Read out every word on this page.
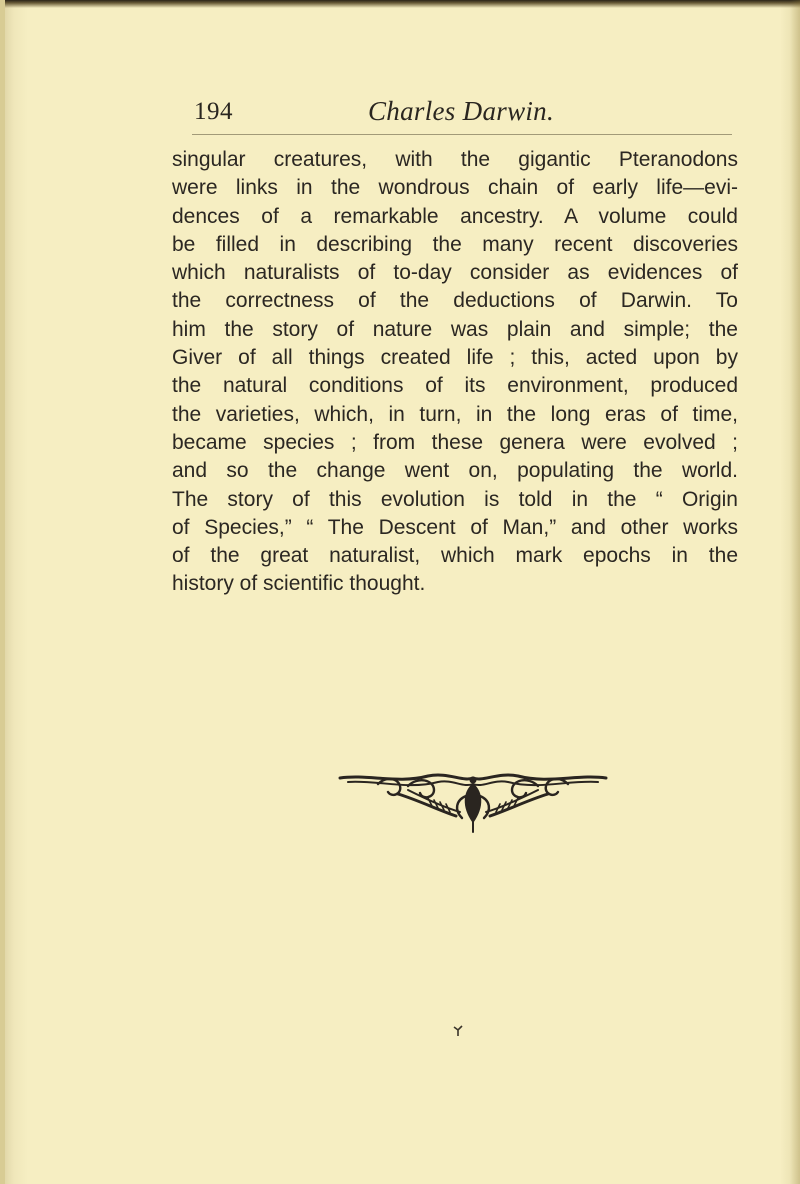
194	Charles Darwin.
singular creatures, with the gigantic Pteranodons
were links in the wondrous chain of early life—evi-
dences of a remarkable ancestry. A volume could
be filled in describing the many recent discoveries
which naturalists of to-day consider as evidences of
the correctness of the deductions of Darwin. To
him the story of nature was plain and simple; the
Giver of all things created life ; this, acted upon by
the natural conditions of its environment, produced
the varieties, which, in turn, in the long eras of time,
became species ; from these genera were evolved ;
and so the change went on, populating the world.
The story of this evolution is told in the “ Origin
of Species,” “ The Descent of Man,” and other works
of the great naturalist, which mark epochs in the
history of scientific thought.
